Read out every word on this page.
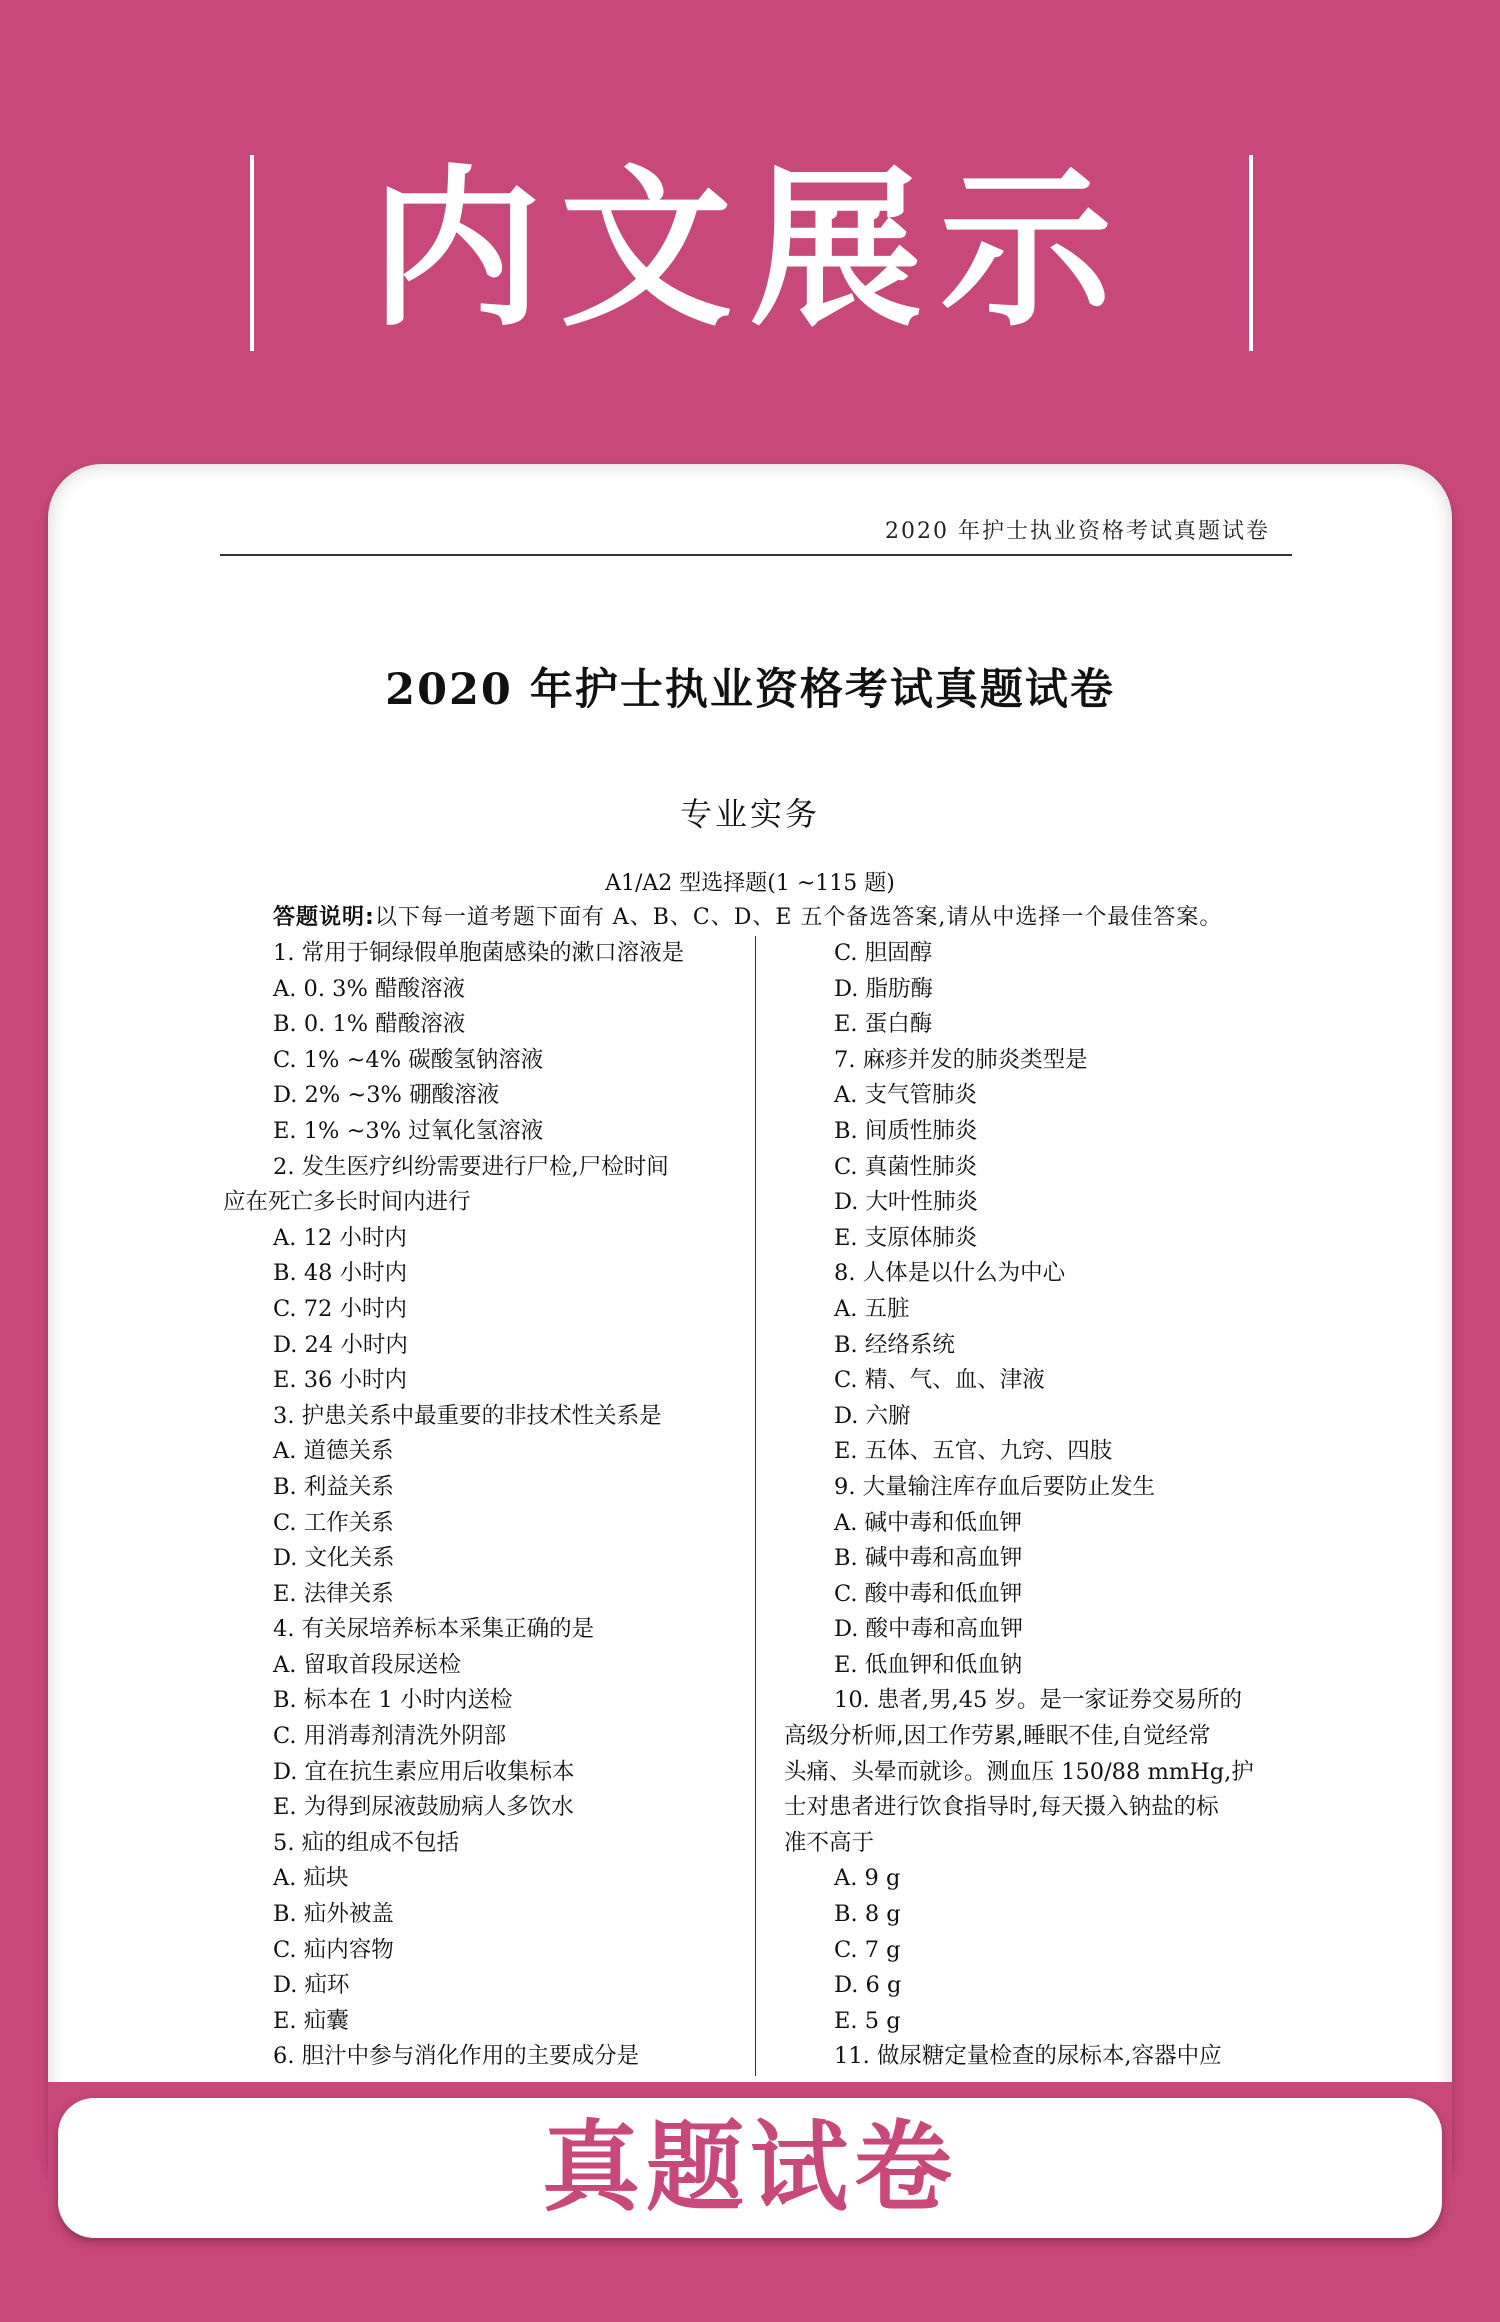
内文展示
2020 年护士执业资格考试真题试卷
2020 年护士执业资格考试真题试卷
专业实务
A1/A2 型选择题(1 ~115 题)
答题说明:以下每一道考题下面有 A、B、C、D、E 五个备选答案,请从中选择一个最佳答案。
1. 常用于铜绿假单胞菌感染的漱口溶液是
A. 0. 3% 醋酸溶液
B. 0. 1% 醋酸溶液
C. 1% ~4% 碳酸氢钠溶液
D. 2% ~3% 硼酸溶液
E. 1% ~3% 过氧化氢溶液
2. 发生医疗纠纷需要进行尸检,尸检时间
应在死亡多长时间内进行
A. 12 小时内
B. 48 小时内
C. 72 小时内
D. 24 小时内
E. 36 小时内
3. 护患关系中最重要的非技术性关系是
A. 道德关系
B. 利益关系
C. 工作关系
D. 文化关系
E. 法律关系
4. 有关尿培养标本采集正确的是
A. 留取首段尿送检
B. 标本在 1 小时内送检
C. 用消毒剂清洗外阴部
D. 宜在抗生素应用后收集标本
E. 为得到尿液鼓励病人多饮水
5. 疝的组成不包括
A. 疝块
B. 疝外被盖
C. 疝内容物
D. 疝环
E. 疝囊
6. 胆汁中参与消化作用的主要成分是
C. 胆固醇
D. 脂肪酶
E. 蛋白酶
7. 麻疹并发的肺炎类型是
A. 支气管肺炎
B. 间质性肺炎
C. 真菌性肺炎
D. 大叶性肺炎
E. 支原体肺炎
8. 人体是以什么为中心
A. 五脏
B. 经络系统
C. 精、气、血、津液
D. 六腑
E. 五体、五官、九窍、四肢
9. 大量输注库存血后要防止发生
A. 碱中毒和低血钾
B. 碱中毒和高血钾
C. 酸中毒和低血钾
D. 酸中毒和高血钾
E. 低血钾和低血钠
10. 患者,男,45 岁。是一家证券交易所的
高级分析师,因工作劳累,睡眠不佳,自觉经常
头痛、头晕而就诊。测血压 150/88 mmHg,护
士对患者进行饮食指导时,每天摄入钠盐的标
准不高于
A. 9 g
B. 8 g
C. 7 g
D. 6 g
E. 5 g
11. 做尿糖定量检查的尿标本,容器中应
真题试卷
